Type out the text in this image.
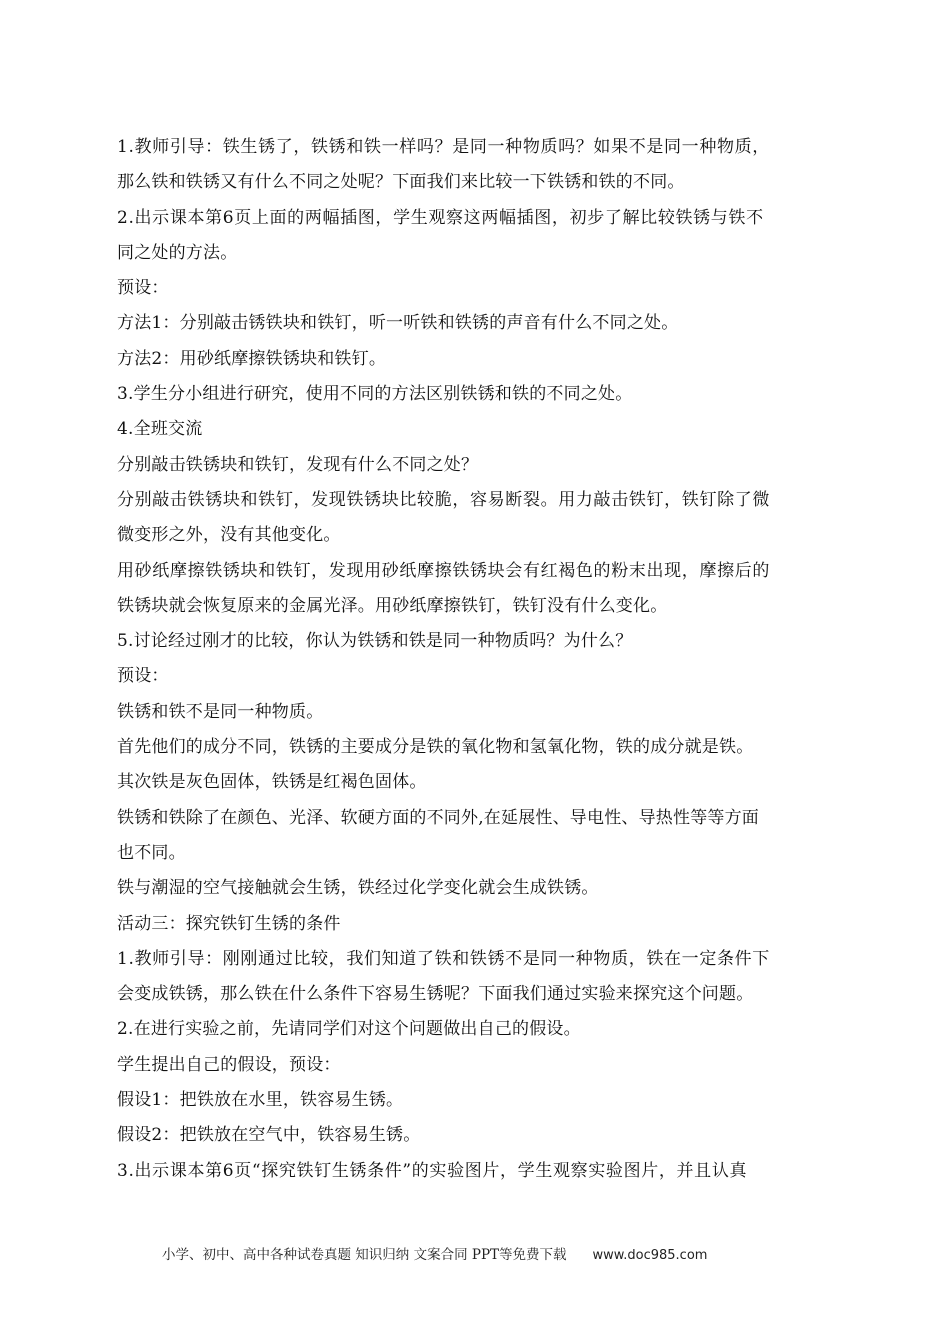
1.教师引导：铁生锈了，铁锈和铁一样吗？是同一种物质吗？如果不是同一种物质，
那么铁和铁锈又有什么不同之处呢？下面我们来比较一下铁锈和铁的不同。
2.出示课本第6页上面的两幅插图，学生观察这两幅插图，初步了解比较铁锈与铁不
同之处的方法。
预设：
方法1：分别敲击锈铁块和铁钉，听一听铁和铁锈的声音有什么不同之处。
方法2：用砂纸摩擦铁锈块和铁钉。
3.学生分小组进行研究，使用不同的方法区别铁锈和铁的不同之处。
4.全班交流
分别敲击铁锈块和铁钉，发现有什么不同之处？
分别敲击铁锈块和铁钉，发现铁锈块比较脆，容易断裂。用力敲击铁钉，铁钉除了微
微变形之外，没有其他变化。
用砂纸摩擦铁锈块和铁钉，发现用砂纸摩擦铁锈块会有红褐色的粉末出现，摩擦后的
铁锈块就会恢复原来的金属光泽。用砂纸摩擦铁钉，铁钉没有什么变化。
5.讨论经过刚才的比较，你认为铁锈和铁是同一种物质吗？为什么？
预设：
铁锈和铁不是同一种物质。
首先他们的成分不同，铁锈的主要成分是铁的氧化物和氢氧化物，铁的成分就是铁。
其次铁是灰色固体，铁锈是红褐色固体。
铁锈和铁除了在颜色、光泽、软硬方面的不同外,在延展性、导电性、导热性等等方面
也不同。
铁与潮湿的空气接触就会生锈，铁经过化学变化就会生成铁锈。
活动三：探究铁钉生锈的条件
1.教师引导：刚刚通过比较，我们知道了铁和铁锈不是同一种物质，铁在一定条件下
会变成铁锈，那么铁在什么条件下容易生锈呢？下面我们通过实验来探究这个问题。
2.在进行实验之前，先请同学们对这个问题做出自己的假设。
学生提出自己的假设，预设：
假设1：把铁放在水里，铁容易生锈。
假设2：把铁放在空气中，铁容易生锈。
3.出示课本第6页“探究铁钉生锈条件”的实验图片，学生观察实验图片，并且认真
小学、初中、高中各种试卷真题 知识归纳 文案合同 PPT等免费下载 www.doc985.com
